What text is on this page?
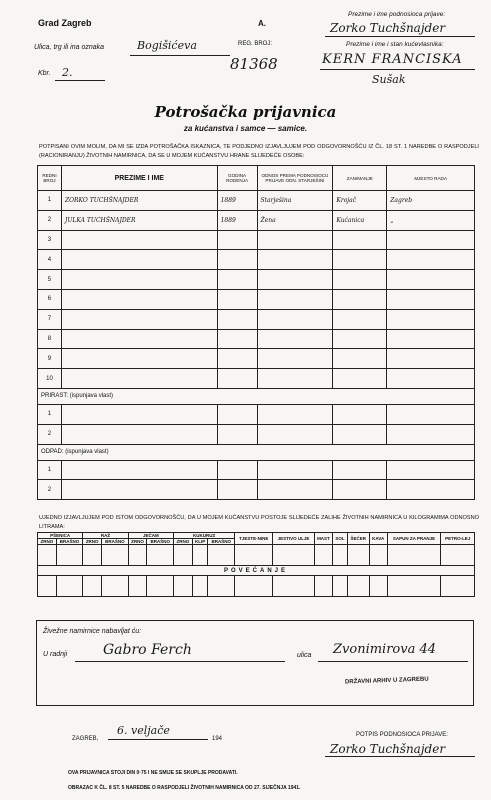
Grad Zagreb	A.
Ulica, trg ili ina oznaka	Bogišićeva	REG. BROJ:
81368
Kbr. 2.
Prezime i ime podnosioca prijave:
Zorko Tuchšnajder
Prezime i ime i stan kućevlasnika:
KERN FRANCISKA
Sušak
Potrošačka prijavnica
za kućanstva i samce — samice.
POTPISANI OVIM MOLIM, DA MI SE IZDA POTROŠAČKA ISKAZNICA, TE PODJEDNO IZJAVLJUJEM POD ODGOVORNOŠĆU IZ ČL. 18 ST. 1 NAREDBE O RASPODJELI (RACIONIRANJU) ŽIVOTNIH NAMIRNICA, DA SE U MOJEM KUĆANSTVU HRANE SLIJEDEĆE OSOBE:
REDNI BROJ	PREZIME I IME	GODINA RODENJA	ODNOS PREMA PODNOSIOCU PRIJAVE ODN. STARJEŠINI	ZANIMANJE	MJESTO RADA
1	ZORKO TUCHŠNAJDER	1889	Starješina	Krojač	Zagreb
2	JULKA TUCHŠNAJDER	1889	Žena	Kućanica	„
3					
4					
5					
6					
7					
8					
9					
10					
PRIRAST: (ispunjava vlast)					
1					
2					
ODPAD: (ispunjava vlast)					
1					
2					
UJEDNO IZJAVLJUJEM POD ISTOM ODGOVORNOŠĆU, DA U MOJEM KUĆANSTVU POSTOJE SLIJEDEĆE ZALIHE ŽIVOTNIH NAMIRNICA U KILOGRAMIMA ODNOSNO LITRAMA:
PŠENICA		RAŽ		JEČAM		KUKURUZ			TJESTE-NINE	JESTIVO ULJE	MAST	SOL	ŠEĆER	KAVA	SAPUN ZA PRANJE	PETRO-LEJ
ZRNO	BRAŠNO	ZRNO	BRAŠNO	ZRNO	BRAŠNO	ZRNO	KLIP	BRAŠNO								

POVEĆANJE																

Živežne namirnice nabavljat ću:
U radnji	Gabro Ferch	ulica Zvonimirova 44
DRŽAVNI ARHIV U ZAGREBU
ZAGREB,
6. veljače
194
POTPIS PODNOSIOCA PRIJAVE:
Zorko Tuchšnajder
OVA PRIJAVNICA STOJI DIN 0·75 I NE SMIJE SE SKUPLJE PRODAVATI.
OBRAZAC K ČL. 8 ST. 5 NAREDBE O RASPODJELI ŽIVOTNIH NAMIRNICA OD 27. SIJEČNJA 1941.
